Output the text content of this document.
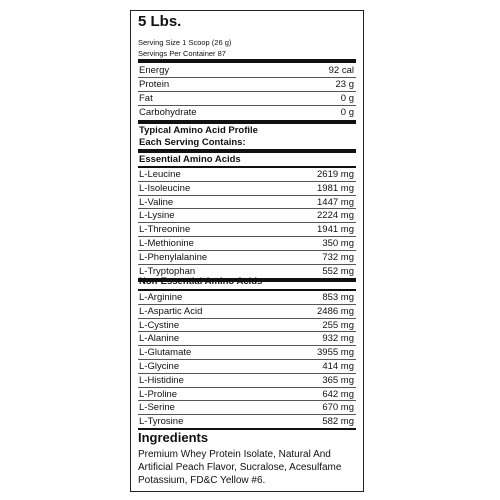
5 Lbs.
Serving Size 1 Scoop (26 g)
Servings Per Container 87
Energy	92 cal
Protein	23 g
Fat	0 g
Carbohydrate	0 g
Typical Amino Acid Profile
Each Serving Contains:
Essential Amino Acids
L-Leucine	2619 mg
L-Isoleucine	1981 mg
L-Valine	1447 mg
L-Lysine	2224 mg
L-Threonine	1941 mg
L-Methionine	350 mg
L-Phenylalanine	732 mg
L-Tryptophan	552 mg
Non-Essential Amino Acids
L-Arginine	853 mg
L-Aspartic Acid	2486 mg
L-Cystine	255 mg
L-Alanine	932 mg
L-Glutamate	3955 mg
L-Glycine	414 mg
L-Histidine	365 mg
L-Proline	642 mg
L-Serine	670 mg
L-Tyrosine	582 mg
Ingredients
Premium Whey Protein Isolate, Natural And Artificial Peach Flavor, Sucralose, Acesulfame Potassium, FD&C Yellow #6.
